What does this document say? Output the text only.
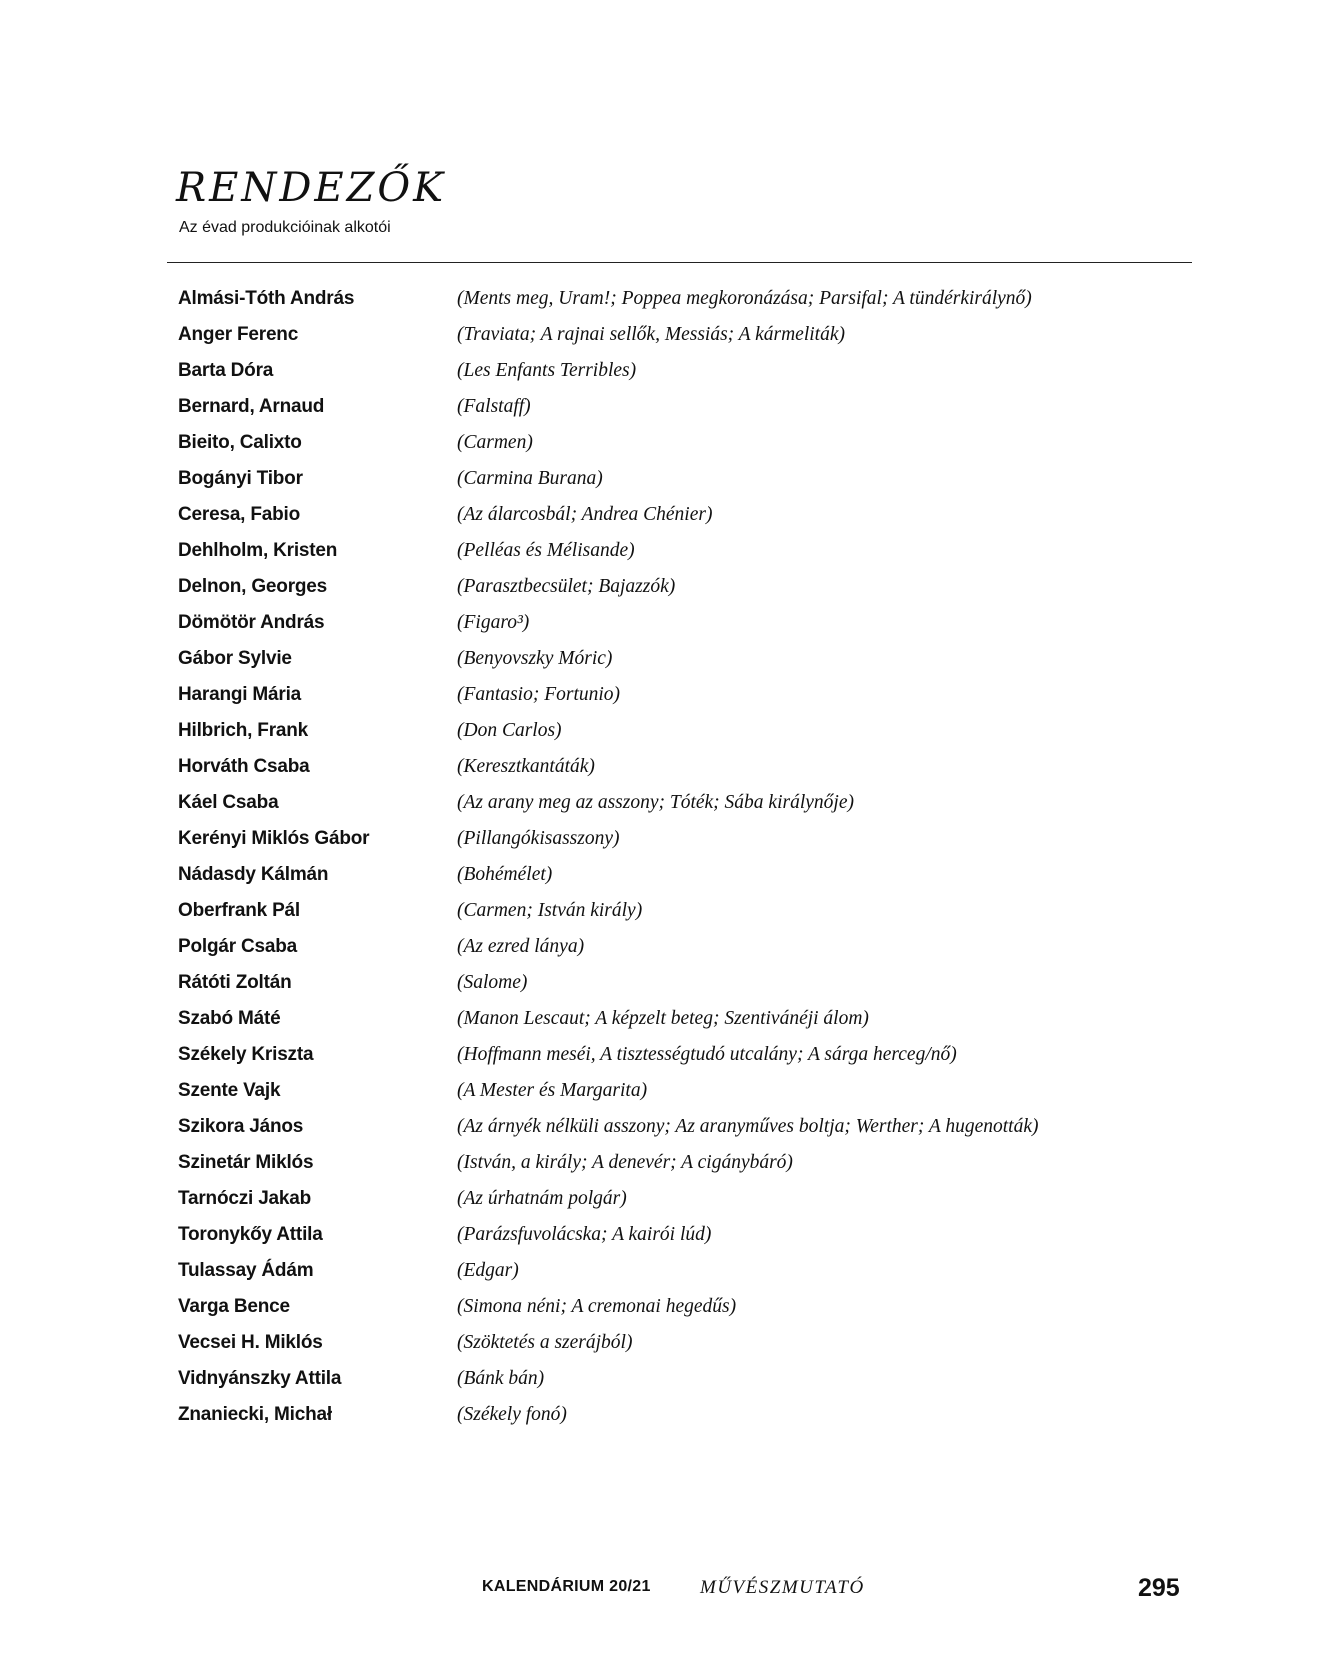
RENDEZŐK

Az évad produkcióinak alkotói

Almási-Tóth András	(Ments meg, Uram!; Poppea megkoronázása; Parsifal; A tündérkirálynő)
Anger Ferenc	(Traviata; A rajnai sellők, Messiás; A kármeliták)
Barta Dóra	(Les Enfants Terribles)
Bernard, Arnaud	(Falstaff)
Bieito, Calixto	(Carmen)
Bogányi Tibor	(Carmina Burana)
Ceresa, Fabio	(Az álarcosbál; Andrea Chénier)
Dehlholm, Kristen	(Pelléas és Mélisande)
Delnon, Georges	(Parasztbecsület; Bajazzók)
Dömötör András	(Figaro³)
Gábor Sylvie	(Benyovszky Móric)
Harangi Mária	(Fantasio; Fortunio)
Hilbrich, Frank	(Don Carlos)
Horváth Csaba	(Keresztkantáták)
Káel Csaba	(Az arany meg az asszony; Tóték; Sába királynője)
Kerényi Miklós Gábor	(Pillangókisasszony)
Nádasdy Kálmán	(Bohémélet)
Oberfrank Pál	(Carmen; István király)
Polgár Csaba	(Az ezred lánya)
Rátóti Zoltán	(Salome)
Szabó Máté	(Manon Lescaut; A képzelt beteg; Szentivánéji álom)
Székely Kriszta	(Hoffmann meséi, A tisztességtudó utcalány; A sárga herceg/nő)
Szente Vajk	(A Mester és Margarita)
Szikora János	(Az árnyék nélküli asszony; Az aranyműves boltja; Werther; A hugenották)
Szinetár Miklós	(István, a király; A denevér; A cigánybáró)
Tarnóczi Jakab	(Az úrhatnám polgár)
Toronykőy Attila	(Parázsfuvolácska; A kairói lúd)
Tulassay Ádám	(Edgar)
Varga Bence	(Simona néni; A cremonai hegedűs)
Vecsei H. Miklós	(Szöktetés a szerájból)
Vidnyánszky Attila	(Bánk bán)
Znaniecki, Michał	(Székely fonó)
KALENDÁRIUM 20/21	MŰVÉSZMUTATÓ	295
